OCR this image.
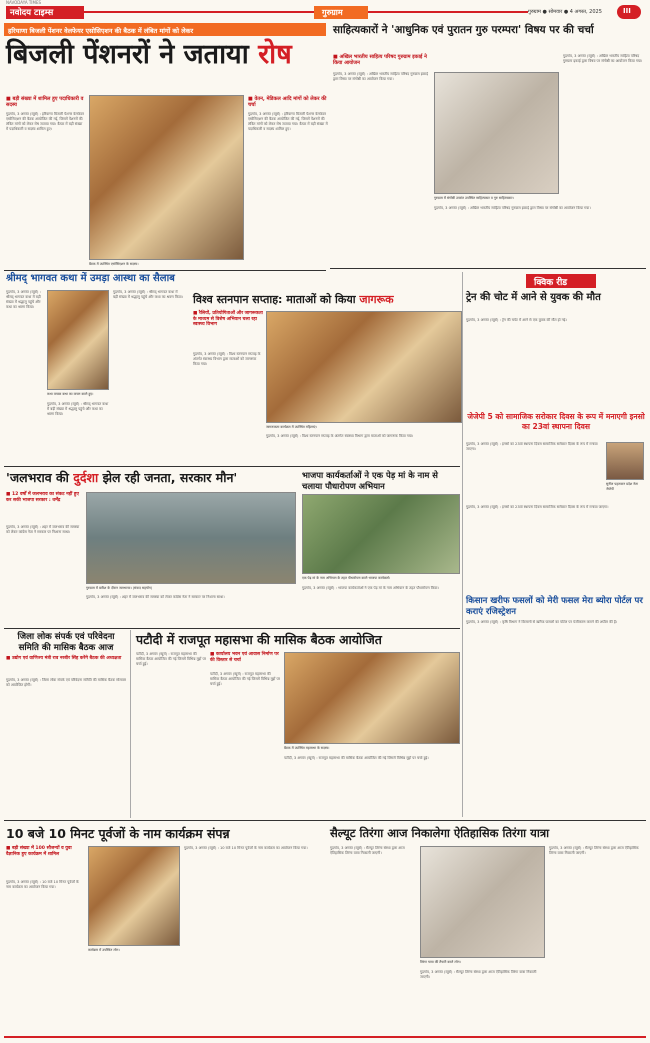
NAVODAYA TIMES
नवोदय टाइम्स	गुरुग्राम	गुरुग्राम ● सोमवार ● 4 अगस्त, 2025	III
हरियाणा बिजली पेंशनर वेलफेयर एसोसिएशन की बैठक में लंबित मांगों को लेकर
बिजली पेंशनरों ने जताया रोष
■ बड़ी संख्या में शामिल हुए पदाधिकारी व सदस्य
गुड़गांव, 3 अगस्त (ब्यूरो) : हरियाणा बिजली पेंशनर वेलफेयर एसोसिएशन की बैठक आयोजित की गई, जिसमें पेंशनरों की लंबित मांगों को लेकर रोष जताया गया। बैठक में बड़ी संख्या में पदाधिकारी व सदस्य शामिल हुए।
बैठक में उपस्थित एसोसिएशन के सदस्य।
■ वेतन, मेडिकल आदि मांगों को लेकर की चर्चा
गुड़गांव, 3 अगस्त (ब्यूरो) : हरियाणा बिजली पेंशनर वेलफेयर एसोसिएशन की बैठक आयोजित की गई, जिसमें पेंशनरों की लंबित मांगों को लेकर रोष जताया गया। बैठक में बड़ी संख्या में पदाधिकारी व सदस्य शामिल हुए।
साहित्यकारों ने 'आधुनिक एवं पुरातन गुरु परम्परा' विषय पर की चर्चा
■ अखिल भारतीय साहित्य परिषद गुरुग्राम इकाई ने किया आयोजन
गुड़गांव, 3 अगस्त (ब्यूरो) : अखिल भारतीय साहित्य परिषद गुरुग्राम इकाई द्वारा विषय पर संगोष्ठी का आयोजन किया गया।
गुरुग्राम में संगोष्ठी उपरांत उपस्थित साहित्यकार व गुरु साहित्यकार।
गुड़गांव, 3 अगस्त (ब्यूरो) : अखिल भारतीय साहित्य परिषद गुरुग्राम इकाई द्वारा विषय पर संगोष्ठी का आयोजन किया गया।
गुड़गांव, 3 अगस्त (ब्यूरो) : अखिल भारतीय साहित्य परिषद गुरुग्राम इकाई द्वारा विषय पर संगोष्ठी का आयोजन किया गया।
श्रीमद् भागवत कथा में उमड़ा आस्था का सैलाब
गुड़गांव, 3 अगस्त (ब्यूरो) : श्रीमद् भागवत कथा में बड़ी संख्या में श्रद्धालु पहुंचे और कथा का श्रवण किया।
कथा वाचक कथा का वाचन करते हुए।
गुड़गांव, 3 अगस्त (ब्यूरो) : श्रीमद् भागवत कथा में बड़ी संख्या में श्रद्धालु पहुंचे और कथा का श्रवण किया।
गुड़गांव, 3 अगस्त (ब्यूरो) : श्रीमद् भागवत कथा में बड़ी संख्या में श्रद्धालु पहुंचे और कथा का श्रवण किया।
विश्व स्तनपान सप्ताह: माताओं को किया जागरूक
■ रैलियों, प्रतियोगिताओं और जागरूकता के माध्यम से विशेष अभियान चला रहा स्वास्थ्य विभाग
गुड़गांव, 3 अगस्त (ब्यूरो) : विश्व स्तनपान सप्ताह के अंतर्गत स्वास्थ्य विभाग द्वारा माताओं को जागरूक किया गया।
जागरूकता कार्यक्रम में उपस्थित महिलाएं।
गुड़गांव, 3 अगस्त (ब्यूरो) : विश्व स्तनपान सप्ताह के अंतर्गत स्वास्थ्य विभाग द्वारा माताओं को जागरूक किया गया।
क्विक रीड
ट्रेन की चोट में आने से युवक की मौत
गुड़गांव, 3 अगस्त (ब्यूरो) : ट्रेन की चपेट में आने से एक युवक की मौत हो गई।
जेजेपी 5 को सामाजिक सरोकार दिवस के रूप में मनाएगी इनसो का 23वां स्थापना दिवस
गुड़गांव, 3 अगस्त (ब्यूरो) : इनसो का 23वां स्थापना दिवस सामाजिक सरोकार दिवस के रूप में मनाया जाएगा।
सुनील पहलवान प्रदेश नेता जेजेपी
गुड़गांव, 3 अगस्त (ब्यूरो) : इनसो का 23वां स्थापना दिवस सामाजिक सरोकार दिवस के रूप में मनाया जाएगा।
किसान खरीफ फसलों को मेरी फसल मेरा ब्योरा पोर्टल पर कराएं रजिस्ट्रेशन
गुड़गांव, 3 अगस्त (ब्यूरो) : कृषि विभाग ने किसानों से खरीफ फसलों का पोर्टल पर पंजीकरण कराने की अपील की है।
'जलभराव की दुर्दशा झेल रही जनता, सरकार मौन'
■ 12 वर्षों में जलभराव का संकट नहीं हुए कर सकी भाजपा सरकार : धर्मेंद्र
गुड़गांव, 3 अगस्त (ब्यूरो) : शहर में जलभराव की समस्या को लेकर कांग्रेस नेता ने सरकार पर निशाना साधा।
गुरुग्राम में बारिश के दौरान जलभराव। (संवाद सहयोग)
गुड़गांव, 3 अगस्त (ब्यूरो) : शहर में जलभराव की समस्या को लेकर कांग्रेस नेता ने सरकार पर निशाना साधा।
भाजपा कार्यकर्ताओं ने एक पेड़ मां के नाम से चलाया पौधारोपण अभियान
एक पेड़ मां के नाम अभियान के तहत पौधारोपण करते भाजपा कार्यकर्ता।
गुड़गांव, 3 अगस्त (ब्यूरो) : भाजपा कार्यकर्ताओं ने एक पेड़ मां के नाम अभियान के तहत पौधारोपण किया।
जिला लोक संपर्क एवं परिवेदना समिति की मासिक बैठक आज
■ उद्योग एवं वाणिज्य मंत्री राव नरबीर सिंह करेंगे बैठक की अध्यक्षता
गुड़गांव, 3 अगस्त (ब्यूरो) : जिला लोक संपर्क एवं परिवेदना समिति की मासिक बैठक सोमवार को आयोजित होगी।
पटौदी में राजपूत महासभा की मासिक बैठक आयोजित
पटौदी, 3 अगस्त (ब्यूरो) : राजपूत महासभा की मासिक बैठक आयोजित की गई जिसमें विभिन्न मुद्दों पर चर्चा हुई।
■ कार्यालय भवन एवं आवास निर्माण पर की विस्तार से चर्चा
पटौदी, 3 अगस्त (ब्यूरो) : राजपूत महासभा की मासिक बैठक आयोजित की गई जिसमें विभिन्न मुद्दों पर चर्चा हुई।
बैठक में उपस्थित महासभा के सदस्य।
पटौदी, 3 अगस्त (ब्यूरो) : राजपूत महासभा की मासिक बैठक आयोजित की गई जिसमें विभिन्न मुद्दों पर चर्चा हुई।
10 बजे 10 मिनट पूर्वजों के नाम कार्यक्रम संपन्न
■ बड़ी संख्या में 100 सौजन्यों व युवा वैज्ञानिक हुए कार्यक्रम में शामिल
गुड़गांव, 3 अगस्त (ब्यूरो) : 10 बजे 10 मिनट पूर्वजों के नाम कार्यक्रम का आयोजन किया गया।
कार्यक्रम में उपस्थित लोग।
गुड़गांव, 3 अगस्त (ब्यूरो) : 10 बजे 10 मिनट पूर्वजों के नाम कार्यक्रम का आयोजन किया गया।
सैल्यूट तिरंगा आज निकालेगा ऐतिहासिक तिरंगा यात्रा
गुड़गांव, 3 अगस्त (ब्यूरो) : सैल्यूट तिरंगा संस्था द्वारा आज ऐतिहासिक तिरंगा यात्रा निकाली जाएगी।
तिरंगा यात्रा की तैयारी करते लोग।
गुड़गांव, 3 अगस्त (ब्यूरो) : सैल्यूट तिरंगा संस्था द्वारा आज ऐतिहासिक तिरंगा यात्रा निकाली जाएगी।
गुड़गांव, 3 अगस्त (ब्यूरो) : सैल्यूट तिरंगा संस्था द्वारा आज ऐतिहासिक तिरंगा यात्रा निकाली जाएगी।
